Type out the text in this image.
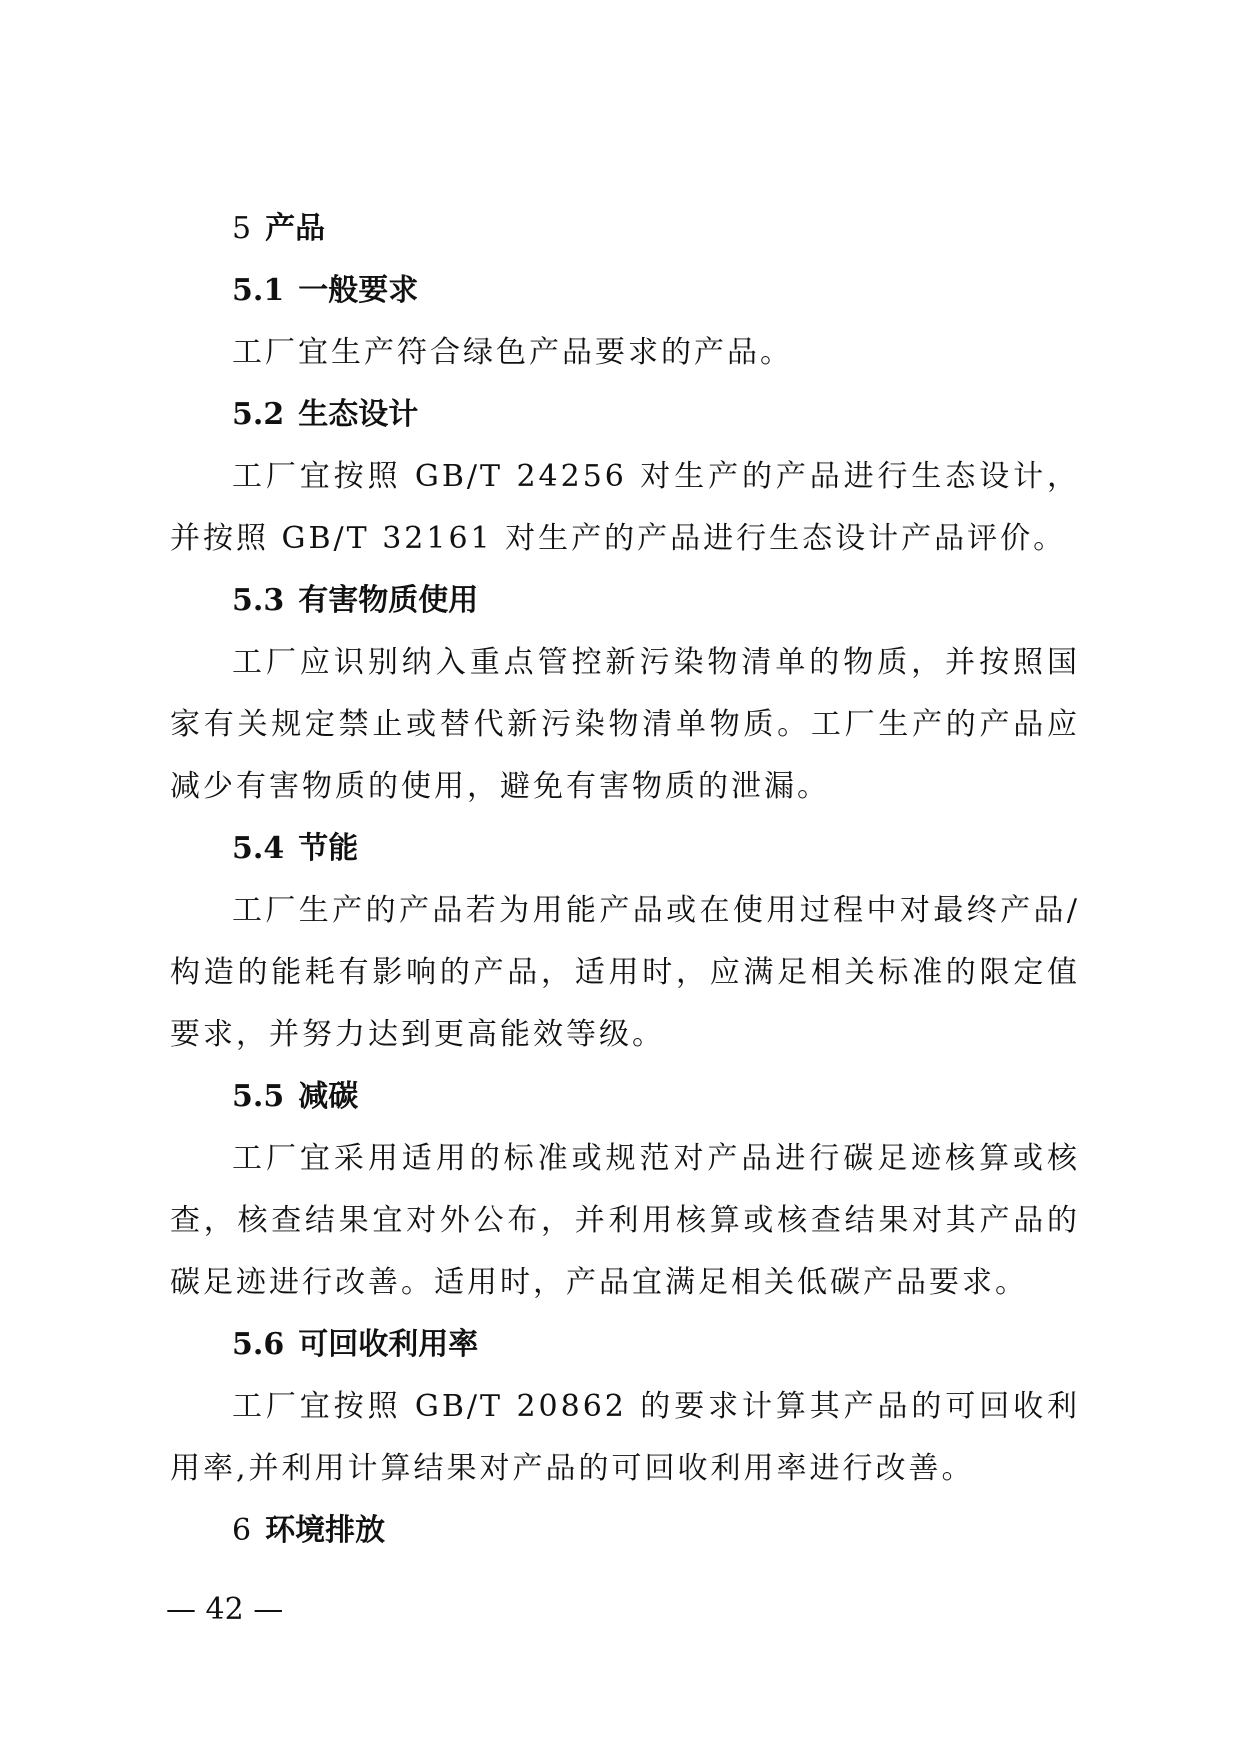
5 产品
5.1 一般要求

工厂宜生产符合绿色产品要求的产品。

5.2 生态设计

工厂宜按照 GB/T 24256 对生产的产品进行生态设计，并按照 GB/T 32161 对生产的产品进行生态设计产品评价。

5.3 有害物质使用

工厂应识别纳入重点管控新污染物清单的物质，并按照国家有关规定禁止或替代新污染物清单物质。工厂生产的产品应减少有害物质的使用，避免有害物质的泄漏。

5.4 节能

工厂生产的产品若为用能产品或在使用过程中对最终产品/构造的能耗有影响的产品，适用时，应满足相关标准的限定值要求，并努力达到更高能效等级。

5.5 减碳

工厂宜采用适用的标准或规范对产品进行碳足迹核算或核查，核查结果宜对外公布，并利用核算或核查结果对其产品的碳足迹进行改善。适用时，产品宜满足相关低碳产品要求。

5.6 可回收利用率

工厂宜按照 GB/T 20862 的要求计算其产品的可回收利用率,并利用计算结果对产品的可回收利用率进行改善。

6 环境排放
— 42 —
